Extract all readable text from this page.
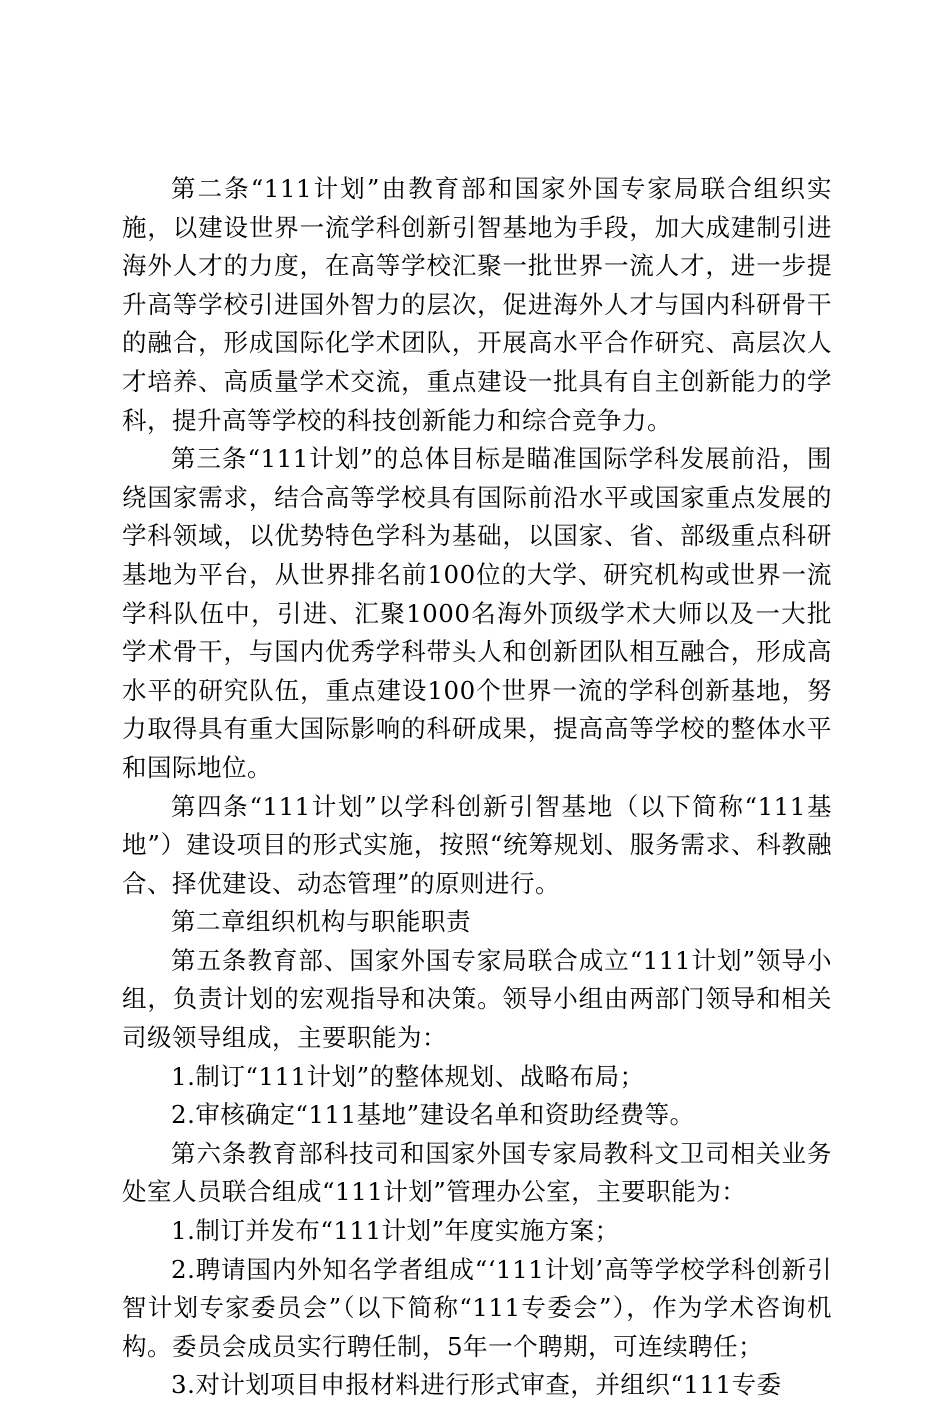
第二条“111计划”由教育部和国家外国专家局联合组织实施，以建设世界一流学科创新引智基地为手段，加大成建制引进海外人才的力度，在高等学校汇聚一批世界一流人才，进一步提升高等学校引进国外智力的层次，促进海外人才与国内科研骨干的融合，形成国际化学术团队，开展高水平合作研究、高层次人才培养、高质量学术交流，重点建设一批具有自主创新能力的学科，提升高等学校的科技创新能力和综合竞争力。

第三条“111计划”的总体目标是瞄准国际学科发展前沿，围绕国家需求，结合高等学校具有国际前沿水平或国家重点发展的学科领域，以优势特色学科为基础，以国家、省、部级重点科研基地为平台，从世界排名前100位的大学、研究机构或世界一流学科队伍中，引进、汇聚1000名海外顶级学术大师以及一大批学术骨干，与国内优秀学科带头人和创新团队相互融合，形成高水平的研究队伍，重点建设100个世界一流的学科创新基地，努力取得具有重大国际影响的科研成果，提高高等学校的整体水平和国际地位。

第四条“111计划”以学科创新引智基地（以下简称“111基地”）建设项目的形式实施，按照“统筹规划、服务需求、科教融合、择优建设、动态管理”的原则进行。

第二章组织机构与职能职责

第五条教育部、国家外国专家局联合成立“111计划”领导小组，负责计划的宏观指导和决策。领导小组由两部门领导和相关司级领导组成，主要职能为：

1.制订“111计划”的整体规划、战略布局；

2.审核确定“111基地”建设名单和资助经费等。

第六条教育部科技司和国家外国专家局教科文卫司相关业务处室人员联合组成“111计划”管理办公室，主要职能为：

1.制订并发布“111计划”年度实施方案；

2.聘请国内外知名学者组成“‘111计划’高等学校学科创新引智计划专家委员会”（以下简称“111专委会”），作为学术咨询机构。委员会成员实行聘任制，5年一个聘期，可连续聘任；

3.对计划项目申报材料进行形式审查，并组织“111专委
